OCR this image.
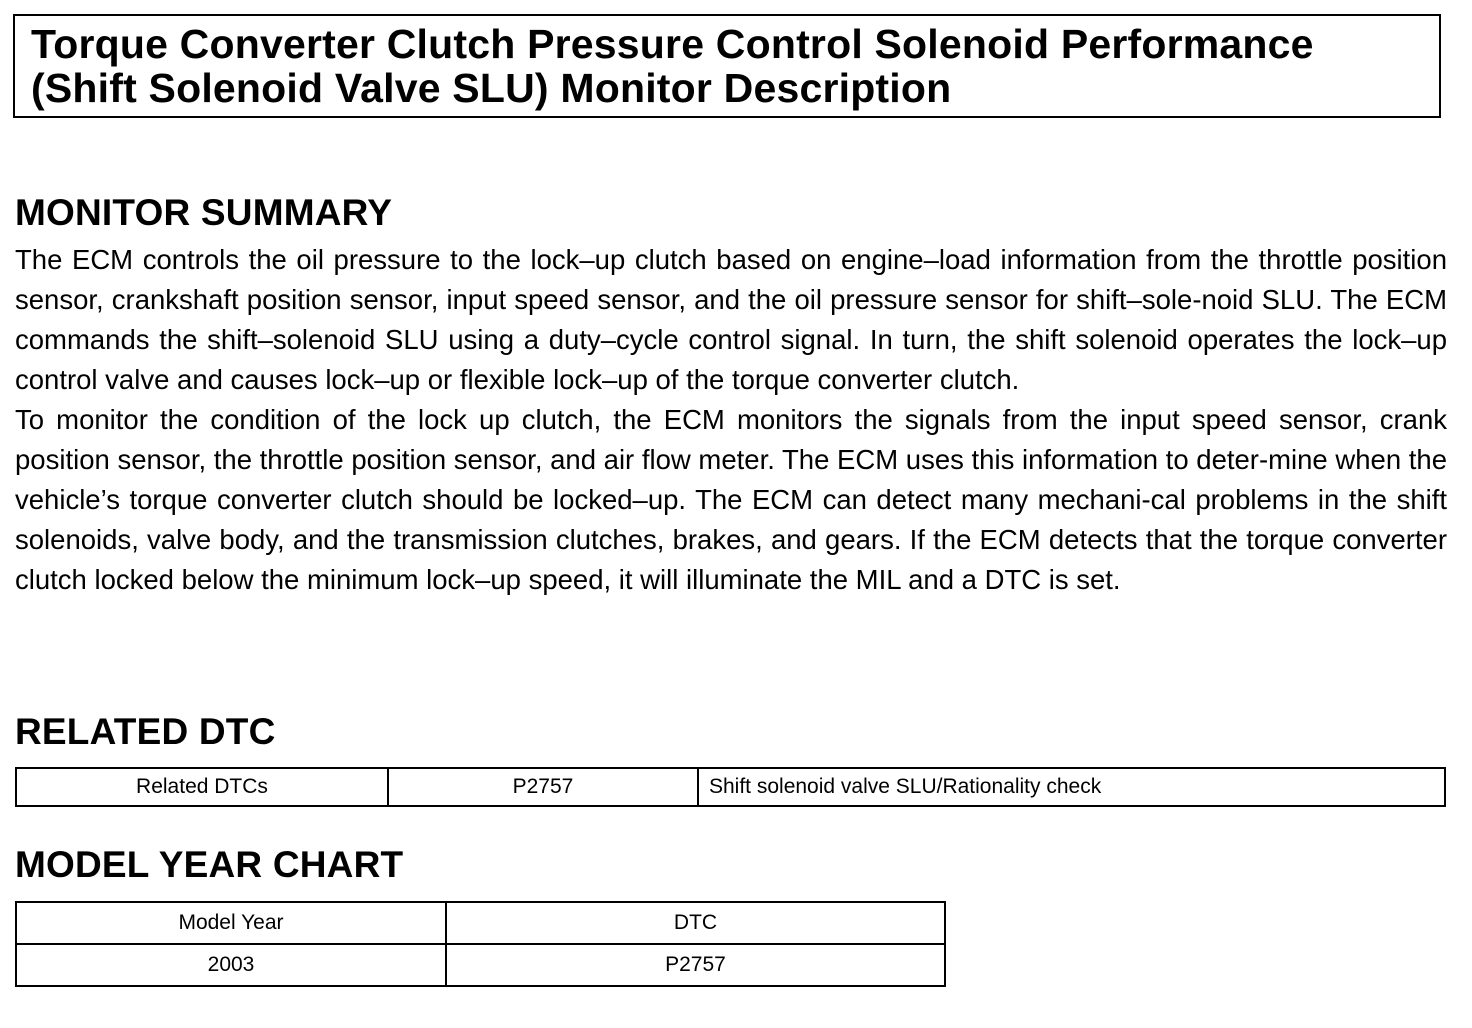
Torque Converter Clutch Pressure Control Solenoid Performance (Shift Solenoid Valve SLU) Monitor Description
MONITOR SUMMARY

The ECM controls the oil pressure to the lock–up clutch based on engine–load information from the throttle position sensor, crankshaft position sensor, input speed sensor, and the oil pressure sensor for shift–sole-noid SLU. The ECM commands the shift–solenoid SLU using a duty–cycle control signal. In turn, the shift solenoid operates the lock–up control valve and causes lock–up or flexible lock–up of the torque converter clutch.

To monitor the condition of the lock up clutch, the ECM monitors the signals from the input speed sensor, crank position sensor, the throttle position sensor, and air flow meter. The ECM uses this information to deter-mine when the vehicle’s torque converter clutch should be locked–up. The ECM can detect many mechani-cal problems in the shift solenoids, valve body, and the transmission clutches, brakes, and gears. If the ECM detects that the torque converter clutch locked below the minimum lock–up speed, it will illuminate the MIL and a DTC is set.

RELATED DTC
Related DTCs	P2757	Shift solenoid valve SLU/Rationality check
MODEL YEAR CHART
Model Year	DTC
2003	P2757
